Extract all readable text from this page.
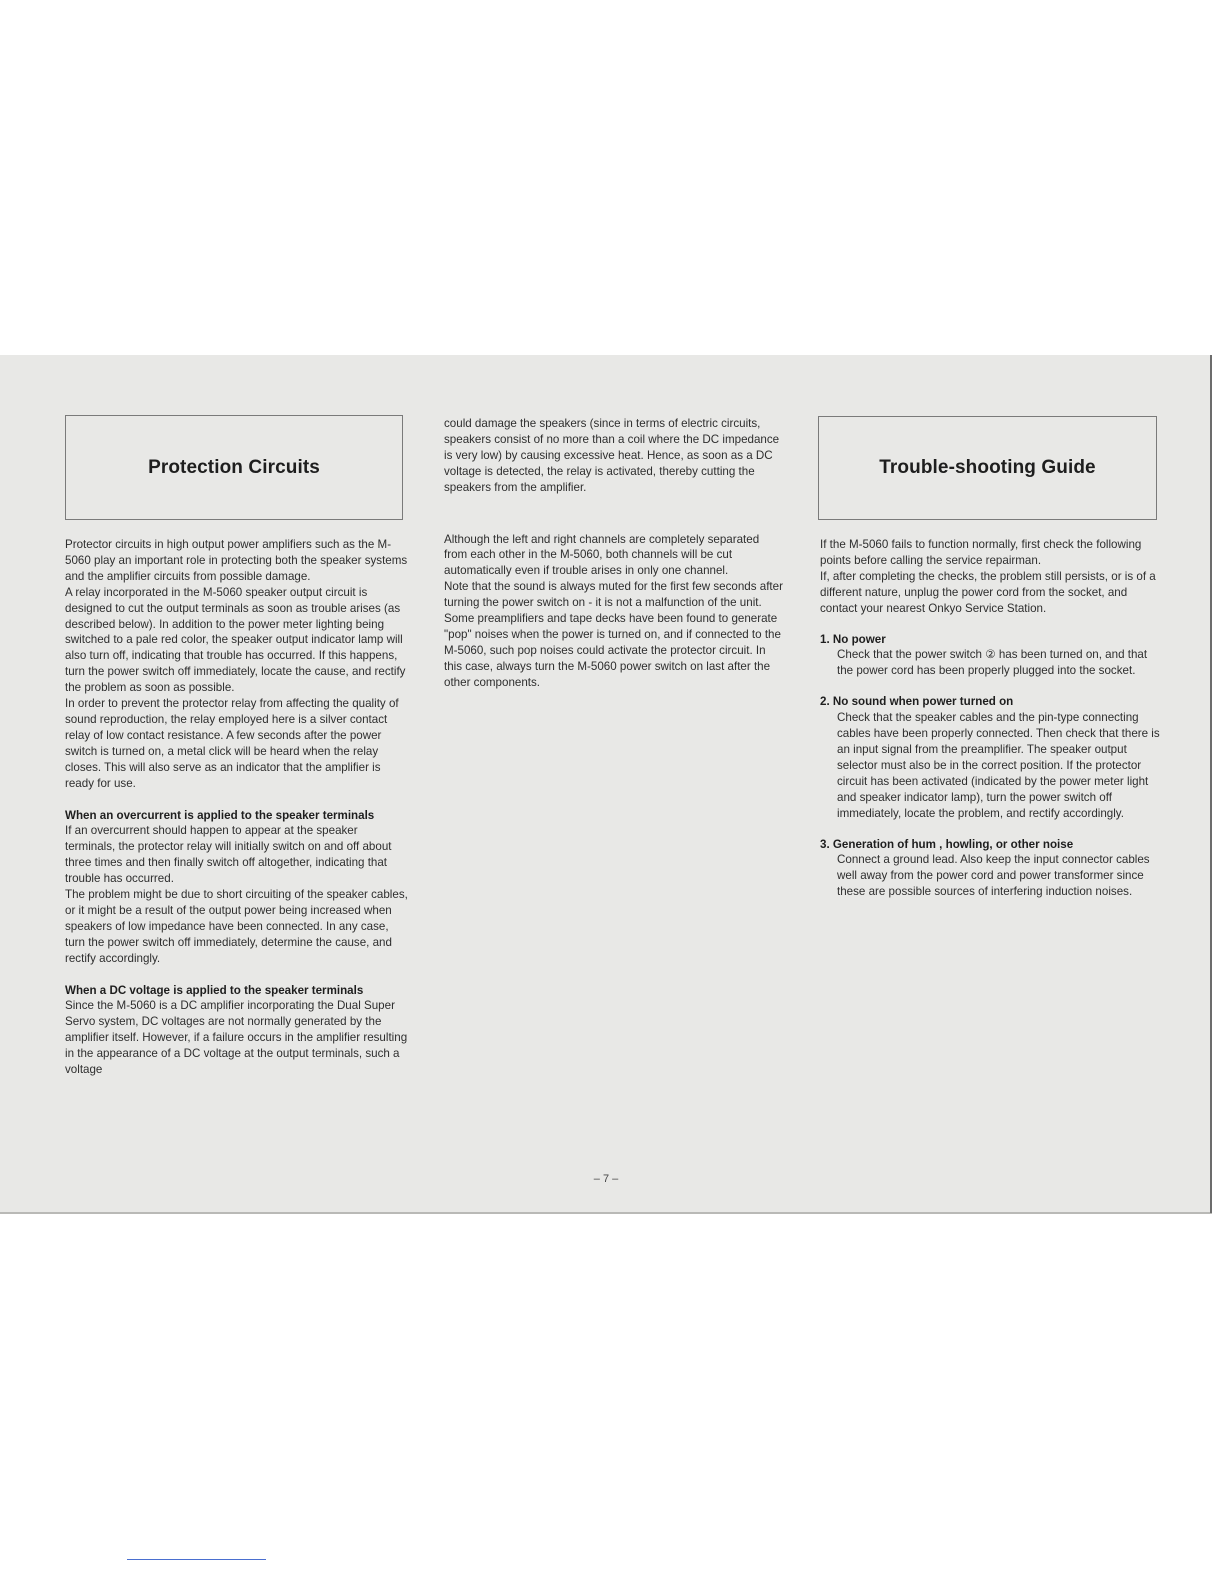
Protection Circuits

Protector circuits in high output power amplifiers such as the M-5060 play an important role in protecting both the speaker systems and the amplifier circuits from possible damage.

A relay incorporated in the M-5060 speaker output circuit is designed to cut the output terminals as soon as trouble arises (as described below). In addition to the power meter lighting being switched to a pale red color, the speaker output indicator lamp will also turn off, indicating that trouble has occurred. If this happens, turn the power switch off immediately, locate the cause, and rectify the problem as soon as possible.

In order to prevent the protector relay from affecting the quality of sound reproduction, the relay employed here is a silver contact relay of low contact resistance. A few seconds after the power switch is turned on, a metal click will be heard when the relay closes. This will also serve as an indicator that the amplifier is ready for use.

When an overcurrent is applied to the speaker terminals

If an overcurrent should happen to appear at the speaker terminals, the protector relay will initially switch on and off about three times and then finally switch off altogether, indicating that trouble has occurred.

The problem might be due to short circuiting of the speaker cables, or it might be a result of the output power being increased when speakers of low impedance have been connected. In any case, turn the power switch off immediately, determine the cause, and rectify accordingly.

When a DC voltage is applied to the speaker terminals

Since the M-5060 is a DC amplifier incorporating the Dual Super Servo system, DC voltages are not normally generated by the amplifier itself. However, if a failure occurs in the amplifier resulting in the appearance of a DC voltage at the output terminals, such a voltage

could damage the speakers (since in terms of electric circuits, speakers consist of no more than a coil where the DC impedance is very low) by causing excessive heat. Hence, as soon as a DC voltage is detected, the relay is activated, thereby cutting the speakers from the amplifier.

Although the left and right channels are completely separated from each other in the M-5060, both channels will be cut automatically even if trouble arises in only one channel.

Note that the sound is always muted for the first few seconds after turning the power switch on - it is not a malfunction of the unit.

Some preamplifiers and tape decks have been found to generate "pop" noises when the power is turned on, and if connected to the M-5060, such pop noises could activate the protector circuit. In this case, always turn the M-5060 power switch on last after the other components.

Trouble-shooting Guide

If the M-5060 fails to function normally, first check the following points before calling the service repairman.

If, after completing the checks, the problem still persists, or is of a different nature, unplug the power cord from the socket, and contact your nearest Onkyo Service Station.

1. No power

Check that the power switch ② has been turned on, and that the power cord has been properly plugged into the socket.

2. No sound when power turned on

Check that the speaker cables and the pin-type connecting cables have been properly connected. Then check that there is an input signal from the preamplifier. The speaker output selector must also be in the correct position. If the protector circuit has been activated (indicated by the power meter light and speaker indicator lamp), turn the power switch off immediately, locate the problem, and rectify accordingly.

3. Generation of hum , howling, or other noise

Connect a ground lead. Also keep the input connector cables well away from the power cord and power transformer since these are possible sources of interfering induction noises.

– 7 –
